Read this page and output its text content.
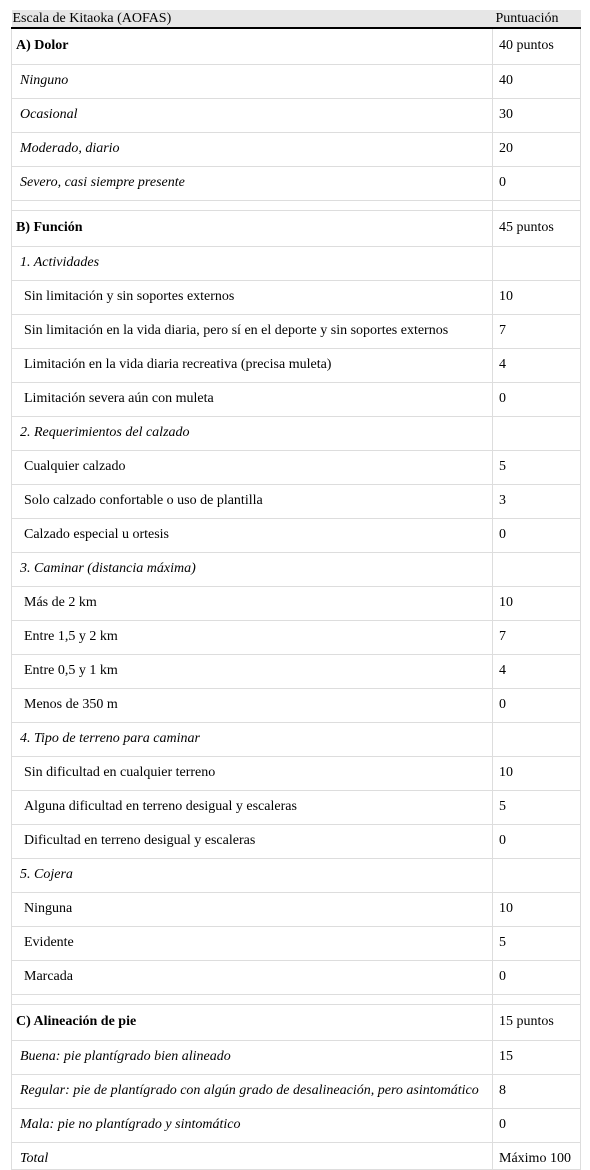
Escala de Kitaoka (AOFAS)	Puntuación
A) Dolor	40 puntos
Ninguno	40
Ocasional	30
Moderado, diario	20
Severo, casi siempre presente	0

B) Función	45 puntos
1. Actividades	
Sin limitación y sin soportes externos	10
Sin limitación en la vida diaria, pero sí en el deporte y sin soportes externos	7
Limitación en la vida diaria recreativa (precisa muleta)	4
Limitación severa aún con muleta	0
2. Requerimientos del calzado	
Cualquier calzado	5
Solo calzado confortable o uso de plantilla	3
Calzado especial u ortesis	0
3. Caminar (distancia máxima)	
Más de 2 km	10
Entre 1,5 y 2 km	7
Entre 0,5 y 1 km	4
Menos de 350 m	0
4. Tipo de terreno para caminar	
Sin dificultad en cualquier terreno	10
Alguna dificultad en terreno desigual y escaleras	5
Dificultad en terreno desigual y escaleras	0
5. Cojera	
Ninguna	10
Evidente	5
Marcada	0

C) Alineación de pie	15 puntos
Buena: pie plantígrado bien alineado	15
Regular: pie de plantígrado con algún grado de desalineación, pero asintomático	8
Mala: pie no plantígrado y sintomático	0
Total	Máximo 100
